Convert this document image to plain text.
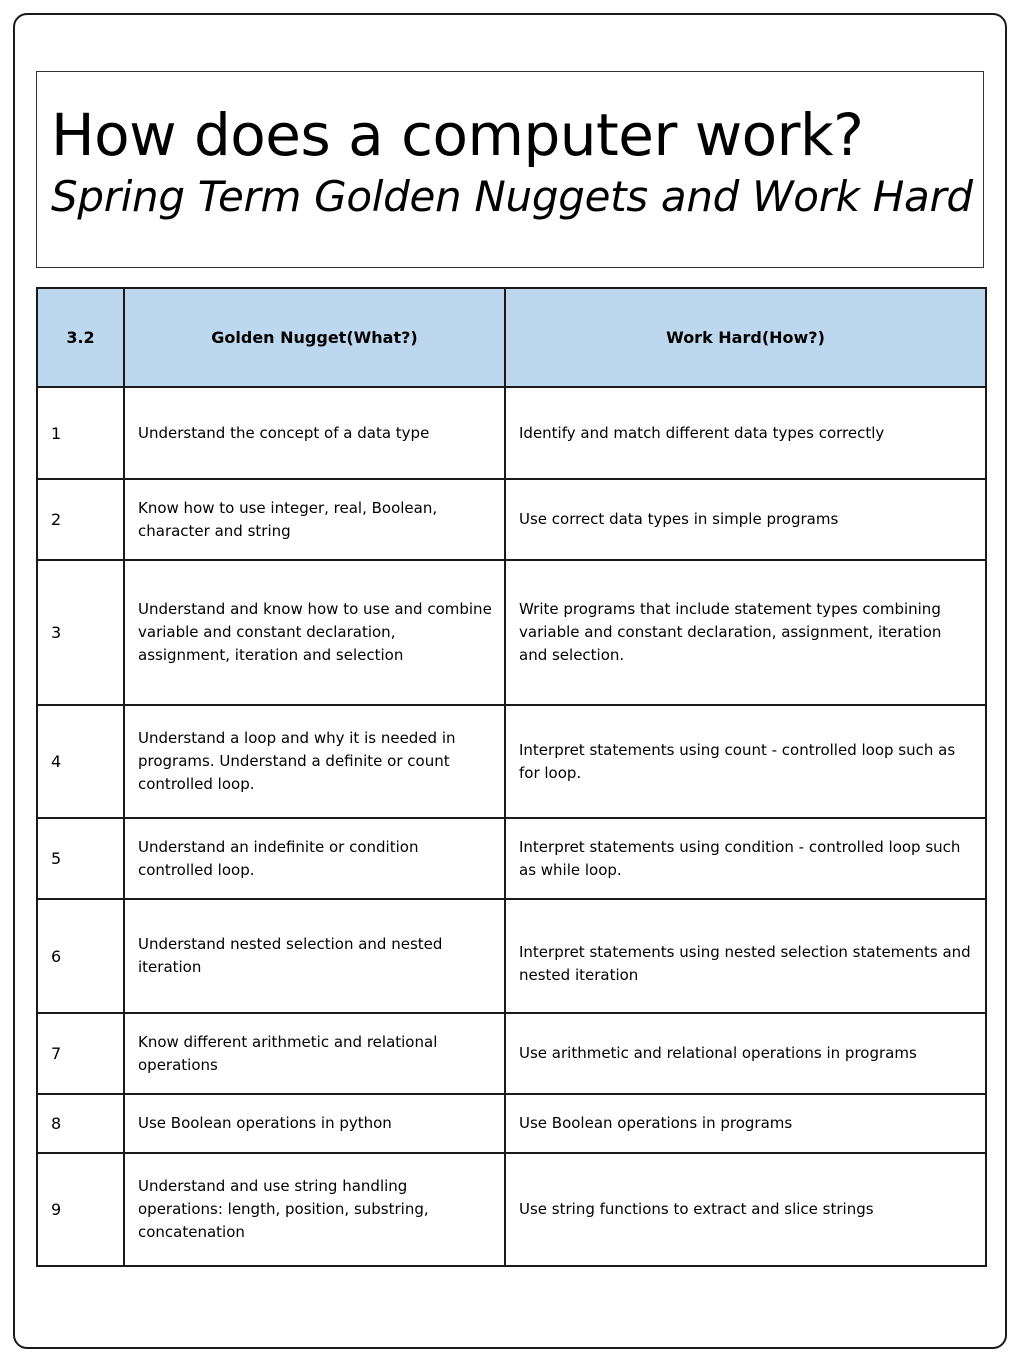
How does a computer work?
Spring Term Golden Nuggets and Work Hard
3.2	Golden Nugget(What?)	Work Hard(How?)
1	Understand the concept of a data type	Identify and match different data types correctly
2	Know how to use integer, real, Boolean, character and string	Use correct data types in simple programs
3	Understand and know how to use and combine variable and constant declaration, assignment, iteration and selection	Write programs that include statement types combining variable and constant declaration, assignment, iteration and selection.
4	Understand a loop and why it is needed in programs. Understand a definite or count controlled loop.	Interpret statements using count - controlled loop such as for loop.
5	Understand an indefinite or condition controlled loop.	Interpret statements using condition - controlled loop such as while loop.
6	Understand nested selection and nested iteration	Interpret statements using nested selection statements and nested iteration
7	Know different arithmetic and relational operations	Use arithmetic and relational operations in programs
8	Use Boolean operations in python	Use Boolean operations in programs
9	Understand and use string handling operations: length, position, substring, concatenation	Use string functions to extract and slice strings
